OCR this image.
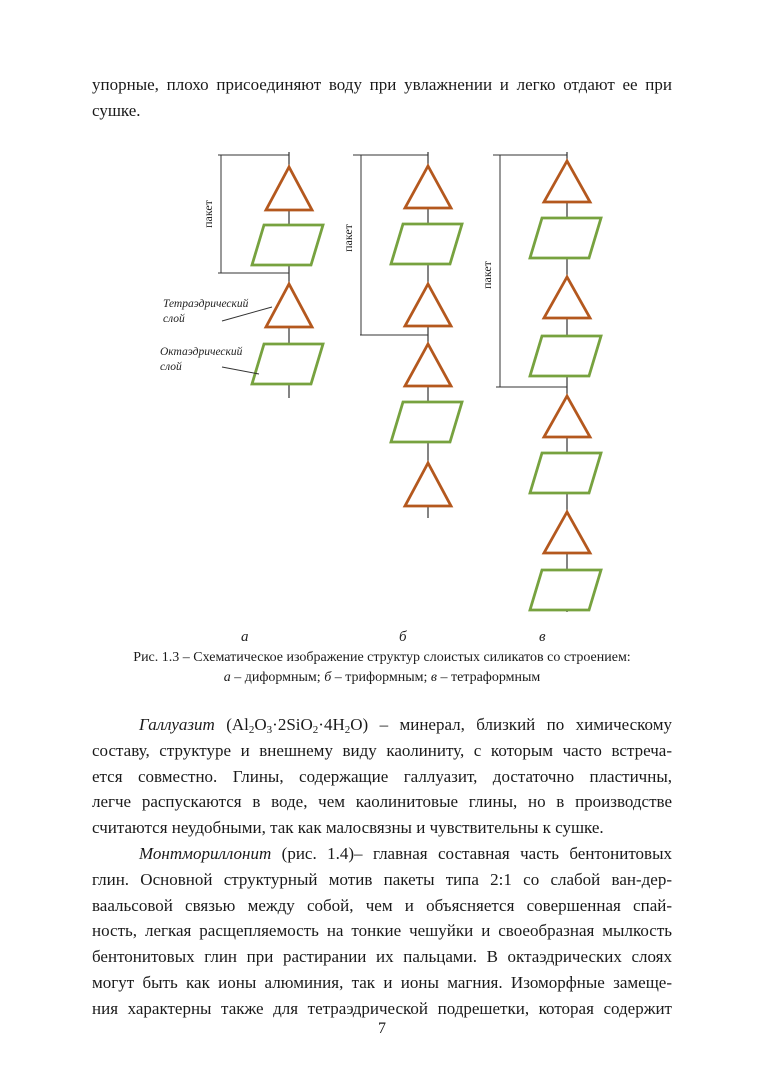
упорные, плохо присоединяют воду при увлажнении и легко отдают ее при
сушке.
пакет
Тетраэдрический
слой
Октаэдрический
слой
пакет
пакет
а	б	в
Рис. 1.3 – Схематическое изображение структур слоистых силикатов со строением:
а – диформным; б – триформным; в – тетраформным
Галлуазит $(Al_2O_3\cdot 2SiO_2\cdot 4H_2O)$ – минерал, близкий по химическому
составу, структуре и внешнему виду каолиниту, с которым часто встреча-
ется совместно. Глины, содержащие галлуазит, достаточно пластичны,
легче распускаются в воде, чем каолинитовые глины, но в производстве
считаются неудобными, так как малосвязны и чувствительны к сушке.
Монтмориллонит (рис. 1.4)– главная составная часть бентонитовых
глин. Основной структурный мотив пакеты типа 2:1 со слабой ван-дер-
ваальсовой связью между собой, чем и объясняется совершенная спай-
ность, легкая расщепляемость на тонкие чешуйки и своеобразная мылкость
бентонитовых глин при растирании их пальцами. В октаэдрических слоях
могут быть как ионы алюминия, так и ионы магния. Изоморфные замеще-
ния характерны также для тетраэдрической подрешетки, которая содержит
7
